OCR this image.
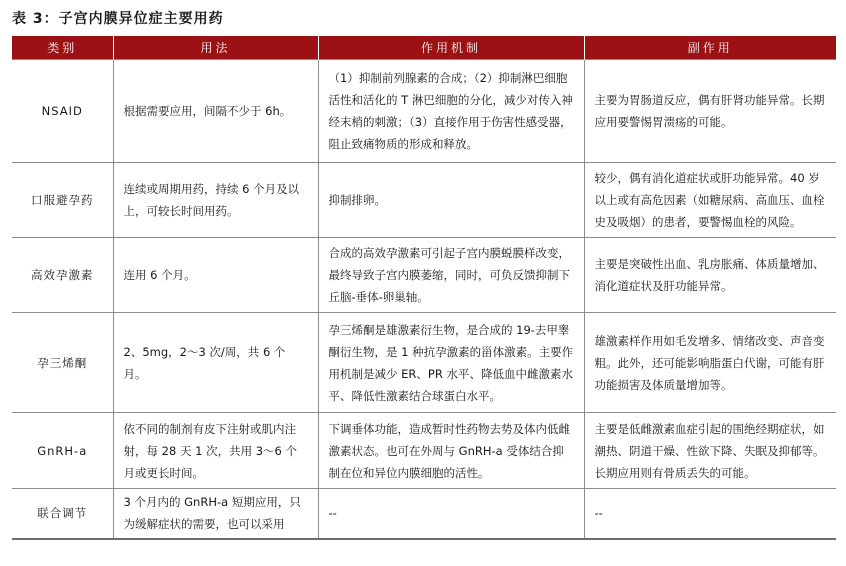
表 3：子宫内膜异位症主要用药
类别	用法	作用机制	副作用
NSAID	根据需要应用，间隔不少于 6h。	（1）抑制前列腺素的合成；（2）抑制淋巴细胞活性和活化的 T 淋巴细胞的分化，减少对传入神经末梢的刺激；（3）直接作用于伤害性感受器，阻止致痛物质的形成和释放。	主要为胃肠道反应，偶有肝肾功能异常。长期应用要警惕胃溃疡的可能。
口服避孕药	连续或周期用药，持续 6 个月及以上，可较长时间用药。	抑制排卵。	较少，偶有消化道症状或肝功能异常。40 岁以上或有高危因素（如糖尿病、高血压、血栓史及吸烟）的患者，要警惕血栓的风险。
高效孕激素	连用 6 个月。	合成的高效孕激素可引起子宫内膜蜕膜样改变，最终导致子宫内膜萎缩，同时，可负反馈抑制下丘脑-垂体-卵巢轴。	主要是突破性出血、乳房胀痛、体质量增加、消化道症状及肝功能异常。
孕三烯酮	2、5mg，2～3 次/周，共 6 个月。	孕三烯酮是雄激素衍生物，是合成的 19-去甲睾酮衍生物，是 1 种抗孕激素的甾体激素。主要作用机制是减少 ER、PR 水平、降低血中雌激素水平、降低性激素结合球蛋白水平。	雄激素样作用如毛发增多、情绪改变、声音变粗。此外，还可能影响脂蛋白代谢，可能有肝功能损害及体质量增加等。
GnRH-a	依不同的制剂有皮下注射或肌内注射，每 28 天 1 次，共用 3～6 个月或更长时间。	下调垂体功能，造成暂时性药物去势及体内低雌激素状态。也可在外周与 GnRH-a 受体结合抑制在位和异位内膜细胞的活性。	主要是低雌激素血症引起的围绝经期症状，如潮热、阴道干燥、性欲下降、失眠及抑郁等。长期应用则有骨质丢失的可能。
联合调节	3 个月内的 GnRH-a 短期应用，只为缓解症状的需要，也可以采用	--	--
